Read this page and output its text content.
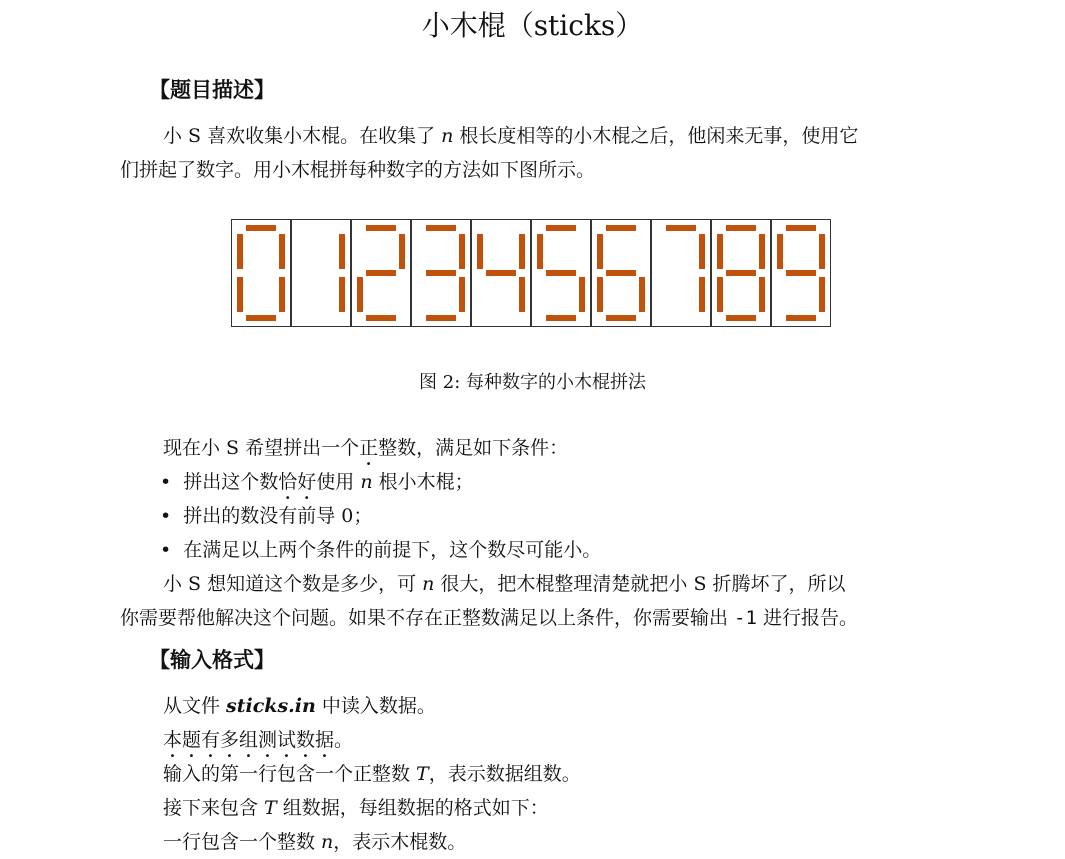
小木棍（sticks）
【题目描述】
小 S 喜欢收集小木棍。在收集了 n 根长度相等的小木棍之后，他闲来无事，使用它
们拼起了数字。用小木棍拼每种数字的方法如下图所示。
图 2: 每种数字的小木棍拼法
现在小 S 希望拼出一个正整数，满足如下条件：
• 拼出这个数恰好使用 n 根小木棍；
• 拼出的数没有前导 0；
• 在满足以上两个条件的前提下，这个数尽可能小。
小 S 想知道这个数是多少，可 n 很大，把木棍整理清楚就把小 S 折腾坏了，所以
你需要帮他解决这个问题。如果不存在正整数满足以上条件，你需要输出 -1 进行报告。
【输入格式】
从文件 sticks.in 中读入数据。
本题有多组测试数据。
输入的第一行包含一个正整数 T，表示数据组数。
接下来包含 T 组数据，每组数据的格式如下：
一行包含一个整数 n，表示木棍数。
